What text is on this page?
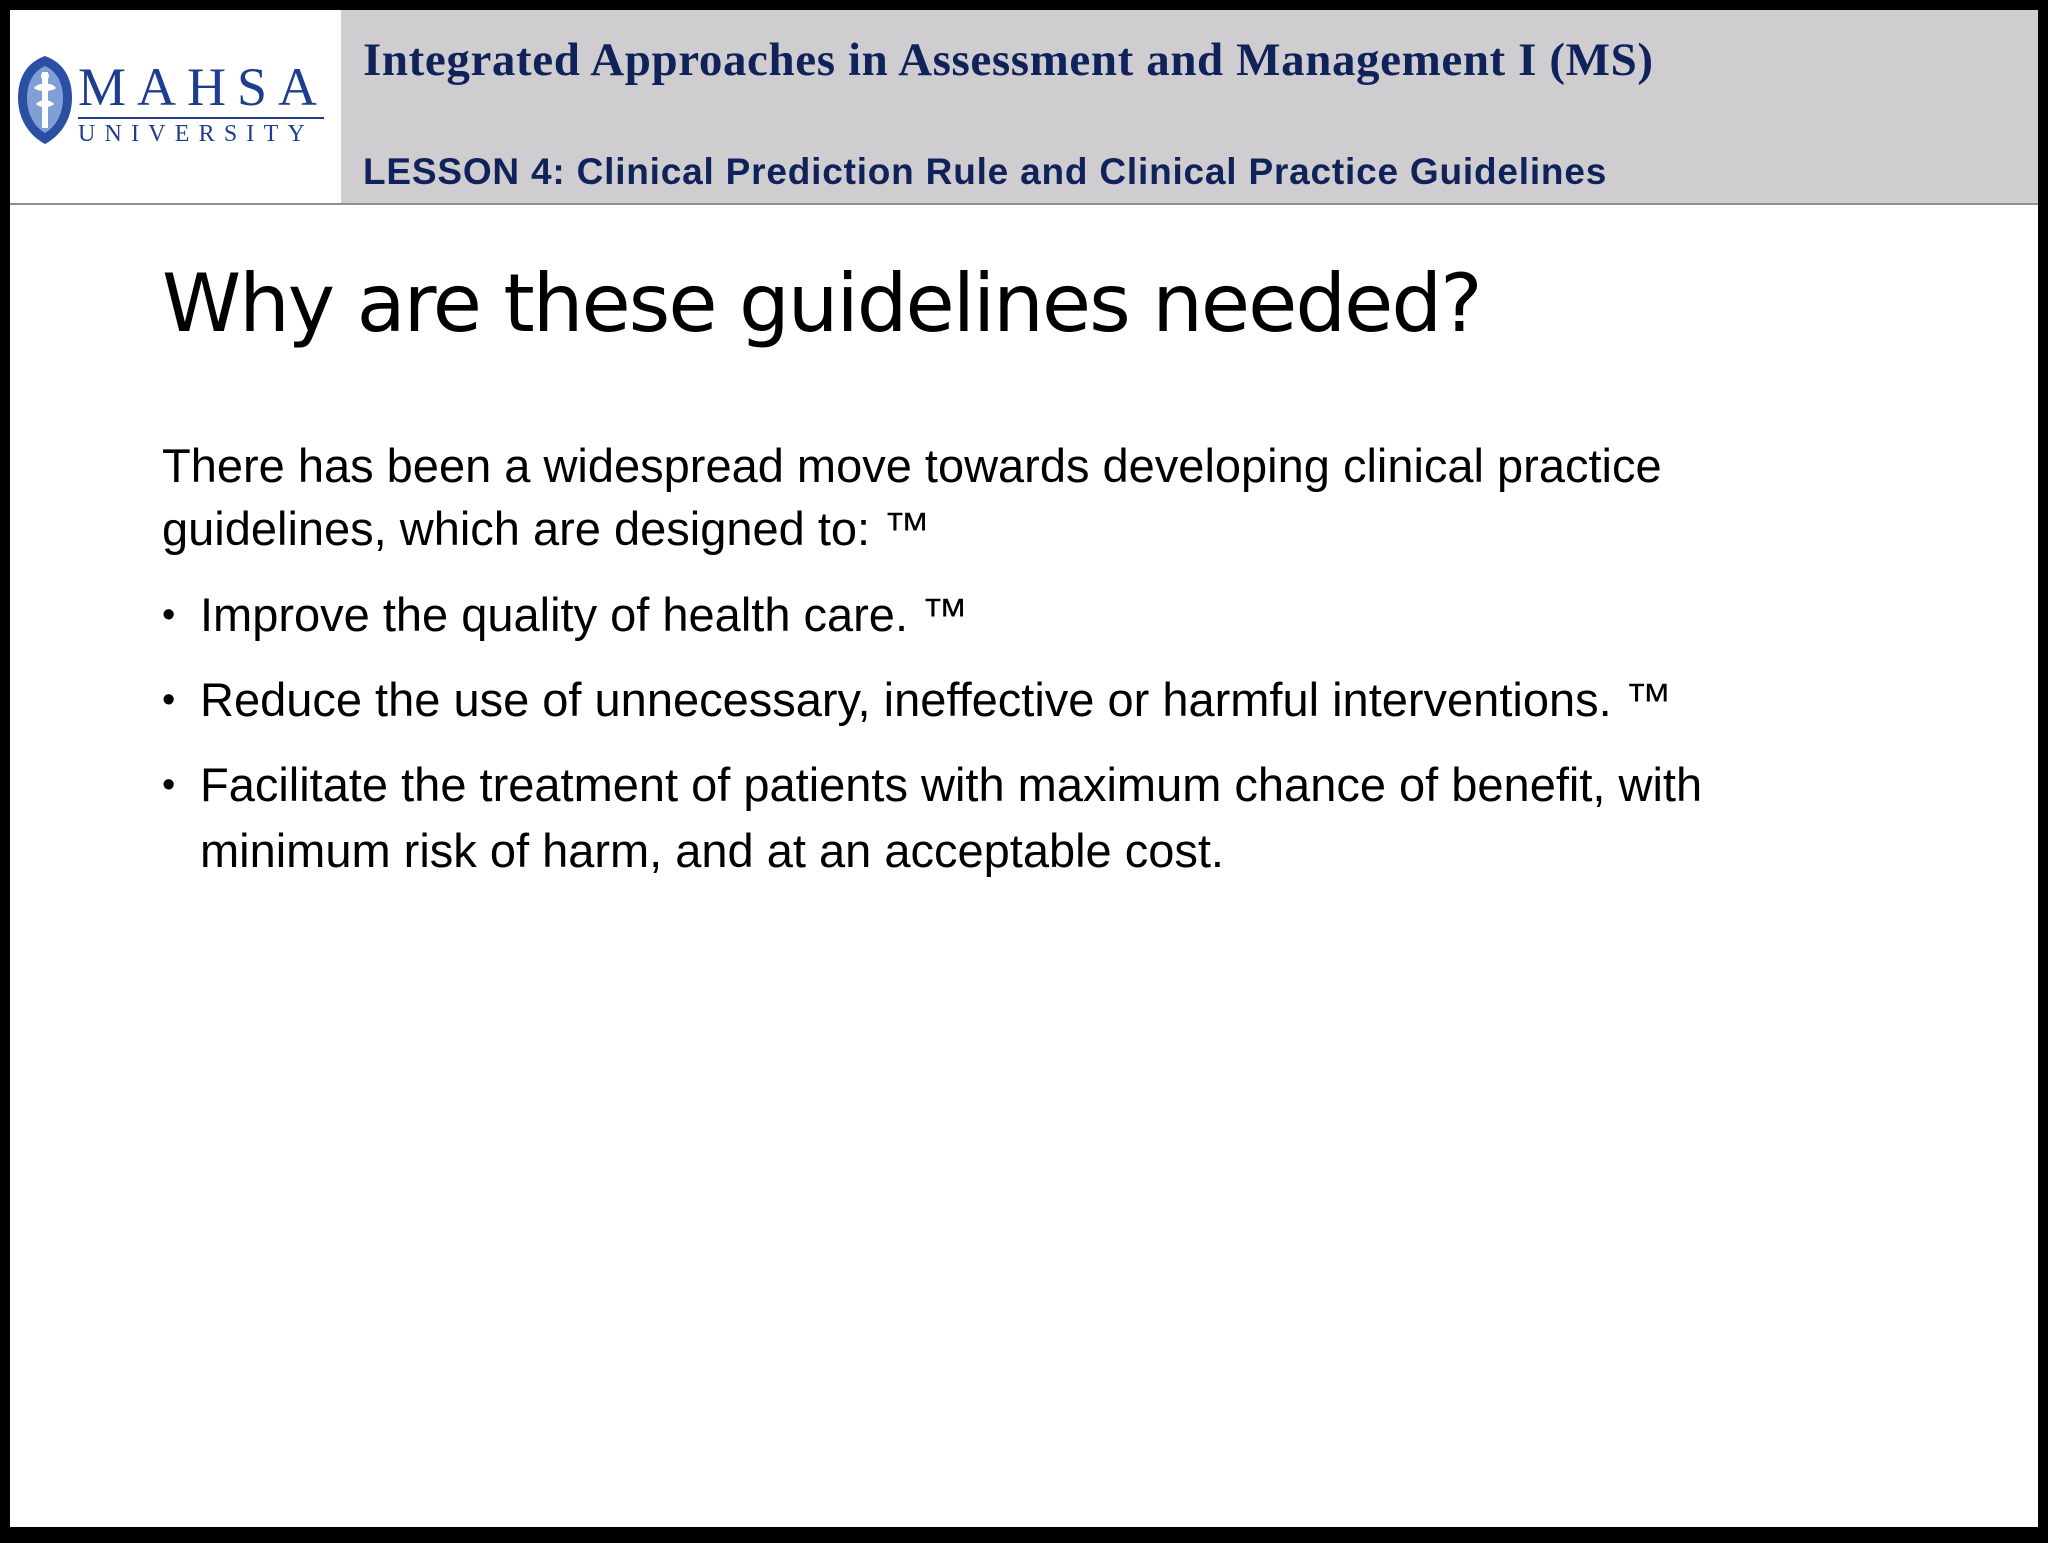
MAHSA
UNIVERSITY
Integrated Approaches in Assessment and Management I (MS)
LESSON 4: Clinical Prediction Rule and Clinical Practice Guidelines
Why are these guidelines needed?

There has been a widespread move towards developing clinical practice guidelines, which are designed to: ™

• Improve the quality of health care. ™
• Reduce the use of unnecessary, ineffective or harmful interventions. ™
• Facilitate the treatment of patients with maximum chance of benefit, with minimum risk of harm, and at an acceptable cost.
